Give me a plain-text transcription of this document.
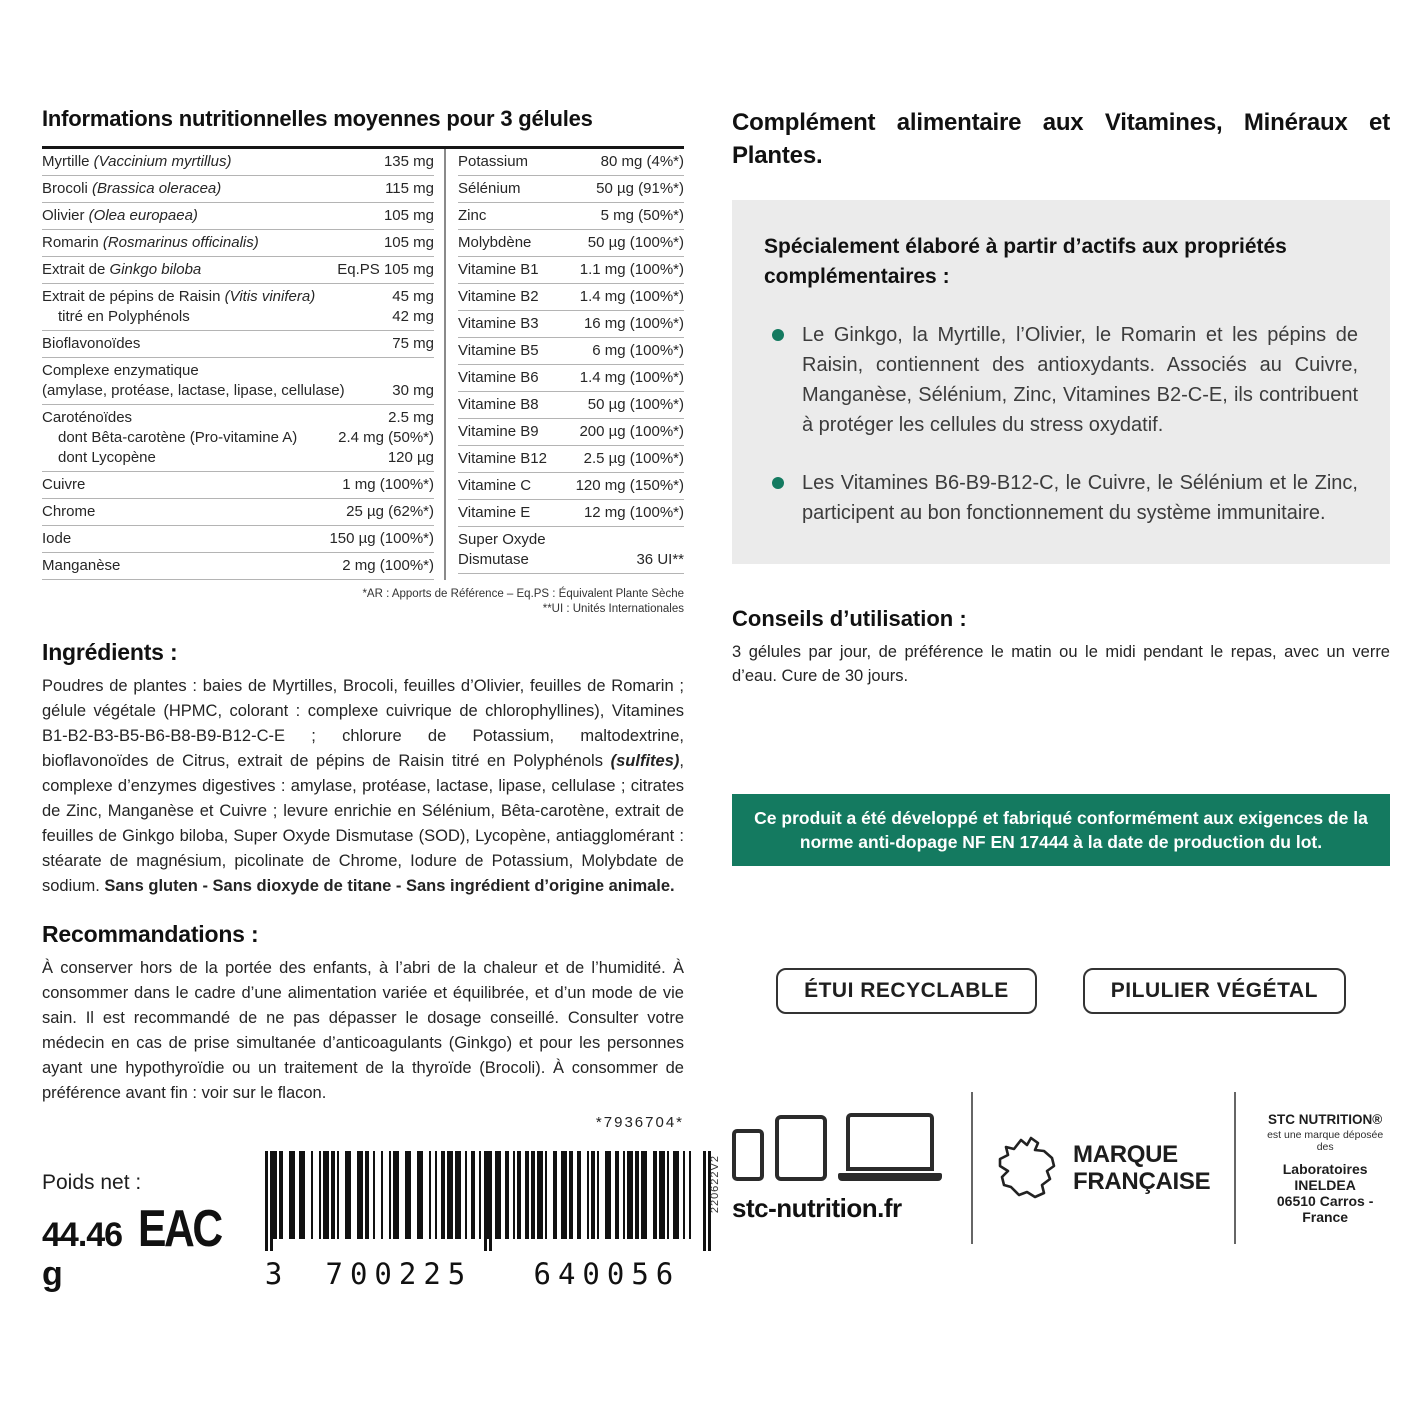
Informations nutritionnelles moyennes pour 3 gélules
Myrtille (Vaccinium myrtillus)	135 mg
Brocoli (Brassica oleracea)	115 mg
Olivier (Olea europaea)	105 mg
Romarin (Rosmarinus officinalis)	105 mg
Extrait de Ginkgo biloba	Eq.PS 105 mg
Extrait de pépins de Raisin (Vitis vinifera)	45 mg
titré en Polyphénols	42 mg
Bioflavonoïdes	75 mg
Complexe enzymatique
(amylase, protéase, lactase, lipase, cellulase)	30 mg
Caroténoïdes	2.5 mg
dont Bêta-carotène (Pro-vitamine A)	2.4 mg (50%*)
dont Lycopène	120 µg
Cuivre	1 mg (100%*)
Chrome	25 µg (62%*)
Iode	150 µg (100%*)
Manganèse	2 mg (100%*)
Potassium	80 mg (4%*)
Sélénium	50 µg (91%*)
Zinc	5 mg (50%*)
Molybdène	50 µg (100%*)
Vitamine B1	1.1 mg (100%*)
Vitamine B2	1.4 mg (100%*)
Vitamine B3	16 mg (100%*)
Vitamine B5	6 mg (100%*)
Vitamine B6	1.4 mg (100%*)
Vitamine B8	50 µg (100%*)
Vitamine B9	200 µg (100%*)
Vitamine B12	2.5 µg (100%*)
Vitamine C	120 mg (150%*)
Vitamine E	12 mg (100%*)
Super Oxyde
Dismutase	36 UI**
*AR : Apports de Référence – Eq.PS : Équivalent Plante Sèche
**UI : Unités Internationales
Ingrédients :

Poudres de plantes : baies de Myrtilles, Brocoli, feuilles d’Olivier, feuilles de Romarin ; gélule végétale (HPMC, colorant : complexe cuivrique de chlorophyllines), Vitamines B1-B2-B3-B5-B6-B8-B9-B12-C-E ; chlorure de Potassium, maltodextrine, bioflavonoïdes de Citrus, extrait de pépins de Raisin titré en Polyphénols (sulfites), complexe d’enzymes digestives : amylase, protéase, lactase, lipase, cellulase ; citrates de Zinc, Manganèse et Cuivre ; levure enrichie en Sélénium, Bêta-carotène, extrait de feuilles de Ginkgo biloba, Super Oxyde Dismutase (SOD), Lycopène, antiagglomérant : stéarate de magnésium, picolinate de Chrome, Iodure de Potassium, Molybdate de sodium. Sans gluten - Sans dioxyde de titane - Sans ingrédient d’origine animale.

Recommandations :

À conserver hors de la portée des enfants, à l’abri de la chaleur et de l’humidité. À consommer dans le cadre d’une alimentation variée et équilibrée, et d’un mode de vie sain. Il est recommandé de ne pas dépasser le dosage conseillé. Consulter votre médecin en cas de prise simultanée d’anticoagulants (Ginkgo) et pour les personnes ayant une hypothyroïdie ou un traitement de la thyroïde (Brocoli). À consommer de préférence avant fin : voir sur le flacon.

*7936704*
Poids net :
44.46 g
EAC
3	700225	640056
220622V2
Complément alimentaire aux Vitamines, Minéraux et Plantes.
Spécialement élaboré à partir d’actifs aux propriétés complémentaires :
Le Ginkgo, la Myrtille, l’Olivier, le Romarin et les pépins de Raisin, contiennent des antioxydants. Associés au Cuivre, Manganèse, Sélénium, Zinc, Vitamines B2-C-E, ils contribuent à protéger les cellules du stress oxydatif.
Les Vitamines B6-B9-B12-C, le Cuivre, le Sélénium et le Zinc, participent au bon fonctionnement du système immunitaire.
Conseils d’utilisation :

3 gélules par jour, de préférence le matin ou le midi pendant le repas, avec un verre d’eau. Cure de 30 jours.

Ce produit a été développé et fabriqué conformément aux exigences de la norme anti-dopage NF EN 17444 à la date de production du lot.
ÉTUI RECYCLABLE	PILULIER VÉGÉTAL
stc-nutrition.fr
MARQUE
FRANÇAISE
STC NUTRITION®
est une marque déposée des
Laboratoires INELDEA
06510 Carros - France
